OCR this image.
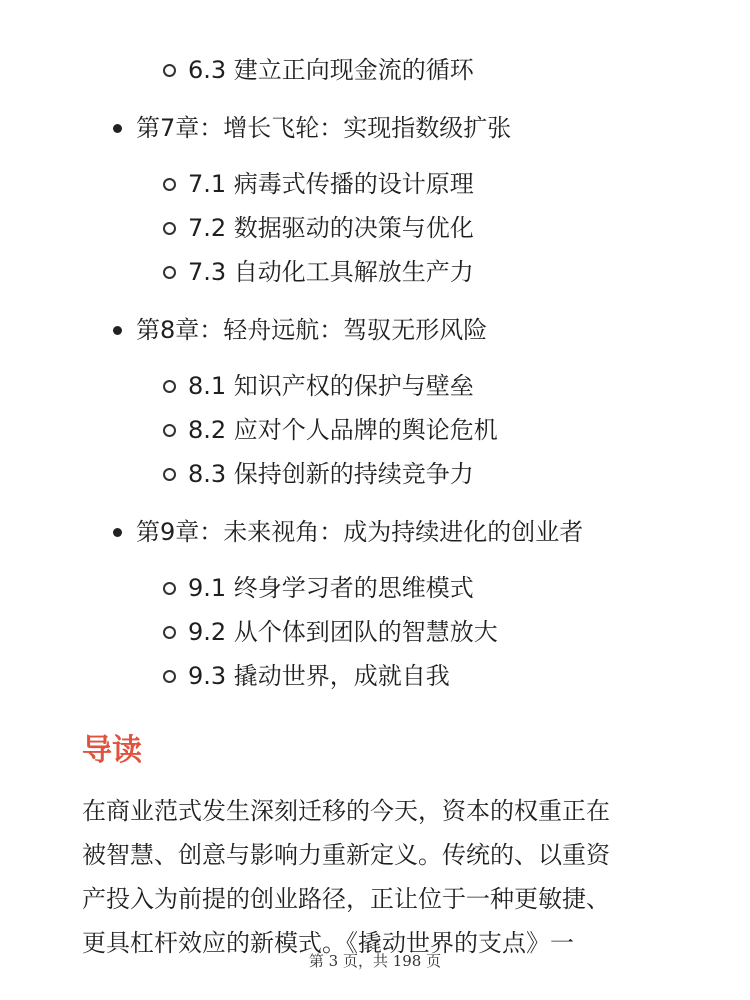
6.3 建立正向现金流的循环
第7章：增长飞轮：实现指数级扩张
7.1 病毒式传播的设计原理
7.2 数据驱动的决策与优化
7.3 自动化工具解放生产力
第8章：轻舟远航：驾驭无形风险
8.1 知识产权的保护与壁垒
8.2 应对个人品牌的舆论危机
8.3 保持创新的持续竞争力
第9章：未来视角：成为持续进化的创业者
9.1 终身学习者的思维模式
9.2 从个体到团队的智慧放大
9.3 撬动世界，成就自我
导读

在商业范式发生深刻迁移的今天，资本的权重正在
被智慧、创意与影响力重新定义。传统的、以重资
产投入为前提的创业路径，正让位于一种更敏捷、
更具杠杆效应的新模式。《撬动世界的支点》一

第 3 页，共 198 页
